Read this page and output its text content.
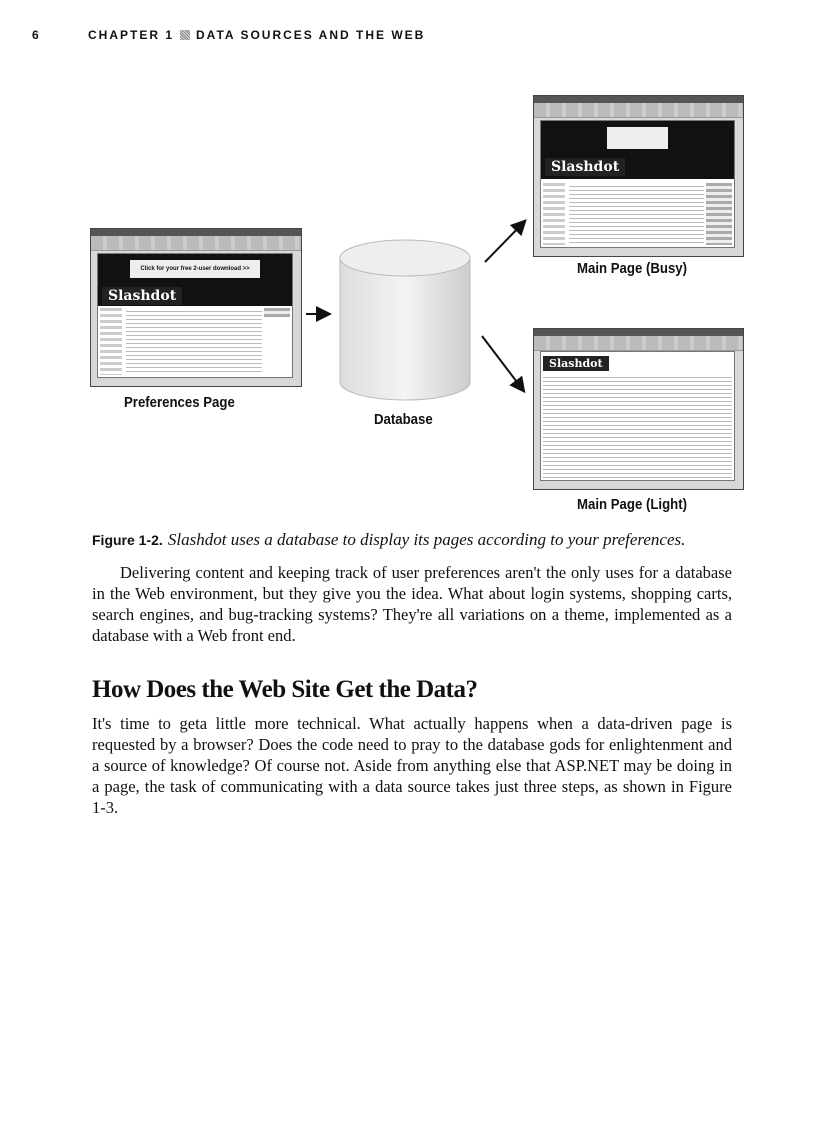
6	CHAPTER 1 DATA SOURCES AND THE WEB
Click for your free 2-user download >>
Slashdot
Preferences Page
Database

Slashdot
Main Page (Busy)
Slashdot
Main Page (Light)
Figure 1-2. Slashdot uses a database to display its pages according to your preferences.

Delivering content and keeping track of user preferences aren't the only uses for a database in the Web environment, but they give you the idea. What about login systems, shopping carts, search engines, and bug-tracking systems? They're all variations on a theme, implemented as a database with a Web front end.

How Does the Web Site Get the Data?

It's time to geta little more technical. What actually happens when a data-driven page is requested by a browser? Does the code need to pray to the database gods for enlightenment and a source of knowledge? Of course not. Aside from anything else that ASP.NET may be doing in a page, the task of communicating with a data source takes just three steps, as shown in Figure 1-3.
